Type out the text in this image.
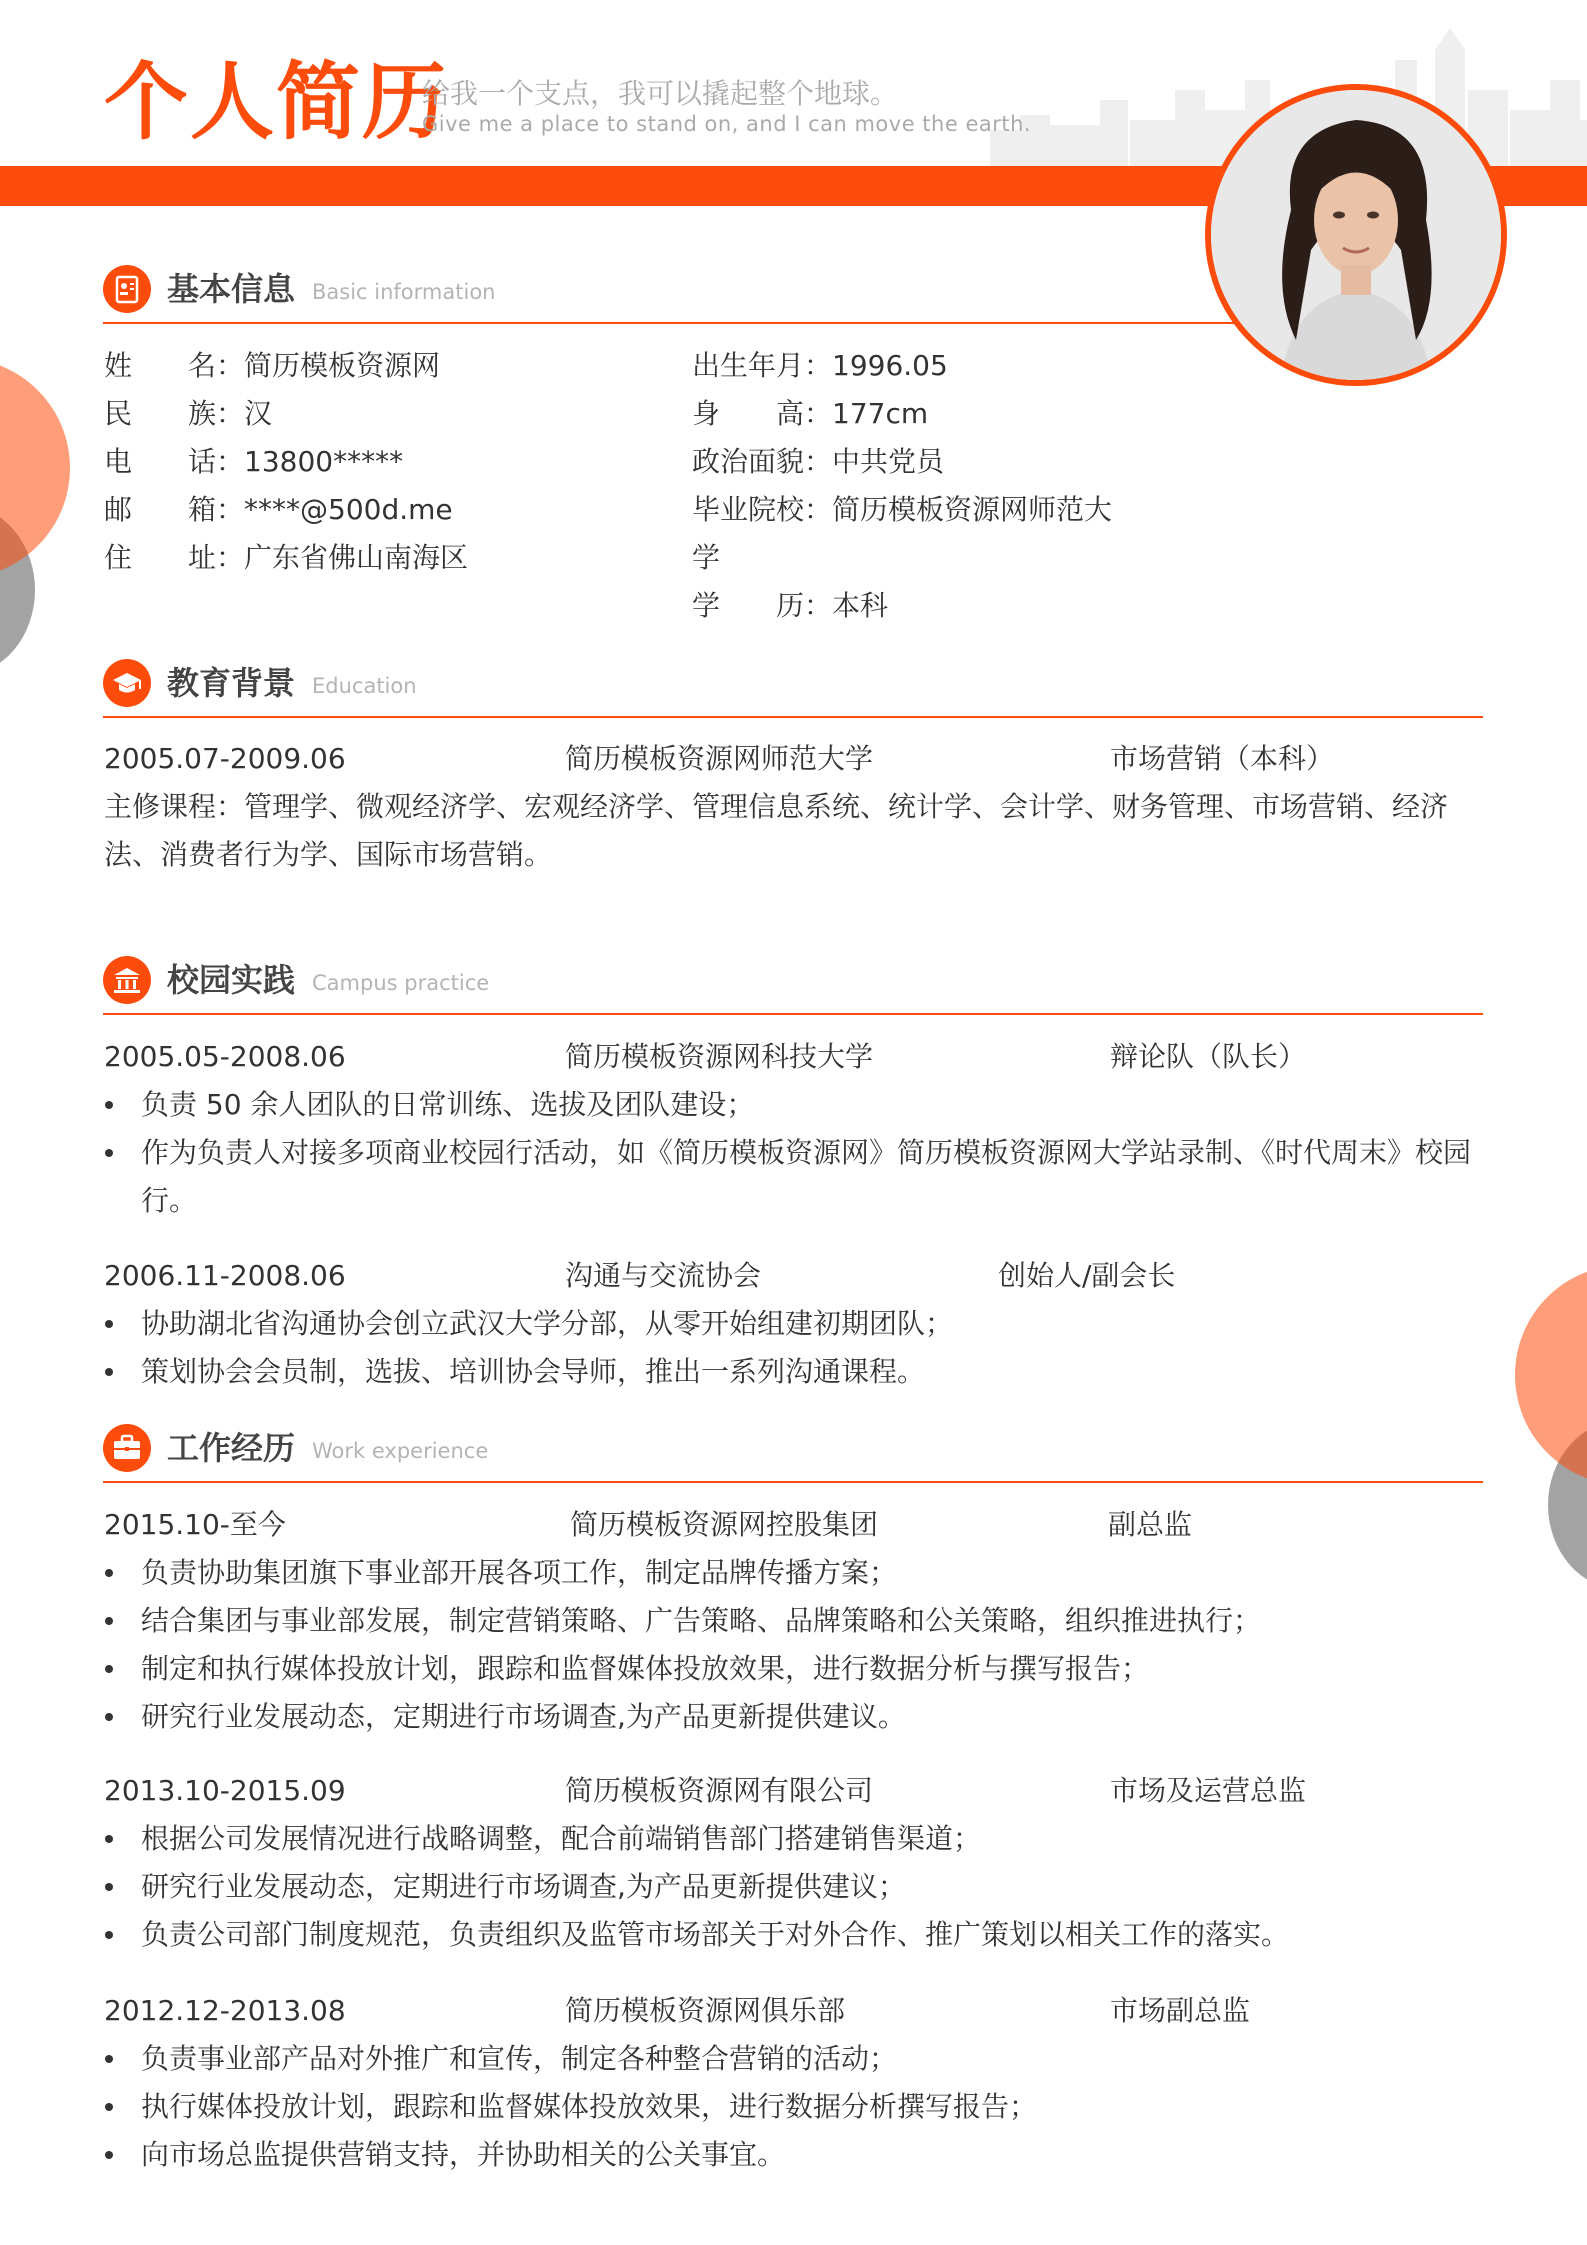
个人简历
给我一个支点，我可以撬起整个地球。
Give me a place to stand on, and I can move the earth.
基本信息 Basic information
姓　　名：简历模板资源网
民　　族：汉
电　　话：13800*****
邮　　箱：****@500d.me
住　　址：广东省佛山南海区
出生年月：1996.05
身　　高：177cm
政治面貌：中共党员
毕业院校：简历模板资源网师范大学
学　　历：本科
教育背景 Education
2005.07-2009.06	简历模板资源网师范大学	市场营销（本科）
主修课程：管理学、微观经济学、宏观经济学、管理信息系统、统计学、会计学、财务管理、市场营销、经济法、消费者行为学、国际市场营销。
校园实践 Campus practice
2005.05-2008.06	简历模板资源网科技大学	辩论队（队长）
负责 50 余人团队的日常训练、选拔及团队建设；
作为负责人对接多项商业校园行活动，如《简历模板资源网》简历模板资源网大学站录制、《时代周末》校园行。
2006.11-2008.06	沟通与交流协会	创始人/副会长
协助湖北省沟通协会创立武汉大学分部，从零开始组建初期团队；
策划协会会员制，选拔、培训协会导师，推出一系列沟通课程。
工作经历 Work experience
2015.10-至今	简历模板资源网控股集团	副总监
负责协助集团旗下事业部开展各项工作，制定品牌传播方案；
结合集团与事业部发展，制定营销策略、广告策略、品牌策略和公关策略，组织推进执行；
制定和执行媒体投放计划，跟踪和监督媒体投放效果，进行数据分析与撰写报告；
研究行业发展动态，定期进行市场调查,为产品更新提供建议。
2013.10-2015.09	简历模板资源网有限公司	市场及运营总监
根据公司发展情况进行战略调整，配合前端销售部门搭建销售渠道；
研究行业发展动态，定期进行市场调查,为产品更新提供建议；
负责公司部门制度规范，负责组织及监管市场部关于对外合作、推广策划以相关工作的落实。
2012.12-2013.08	简历模板资源网俱乐部	市场副总监
负责事业部产品对外推广和宣传，制定各种整合营销的活动；
执行媒体投放计划，跟踪和监督媒体投放效果，进行数据分析撰写报告；
向市场总监提供营销支持，并协助相关的公关事宜。
